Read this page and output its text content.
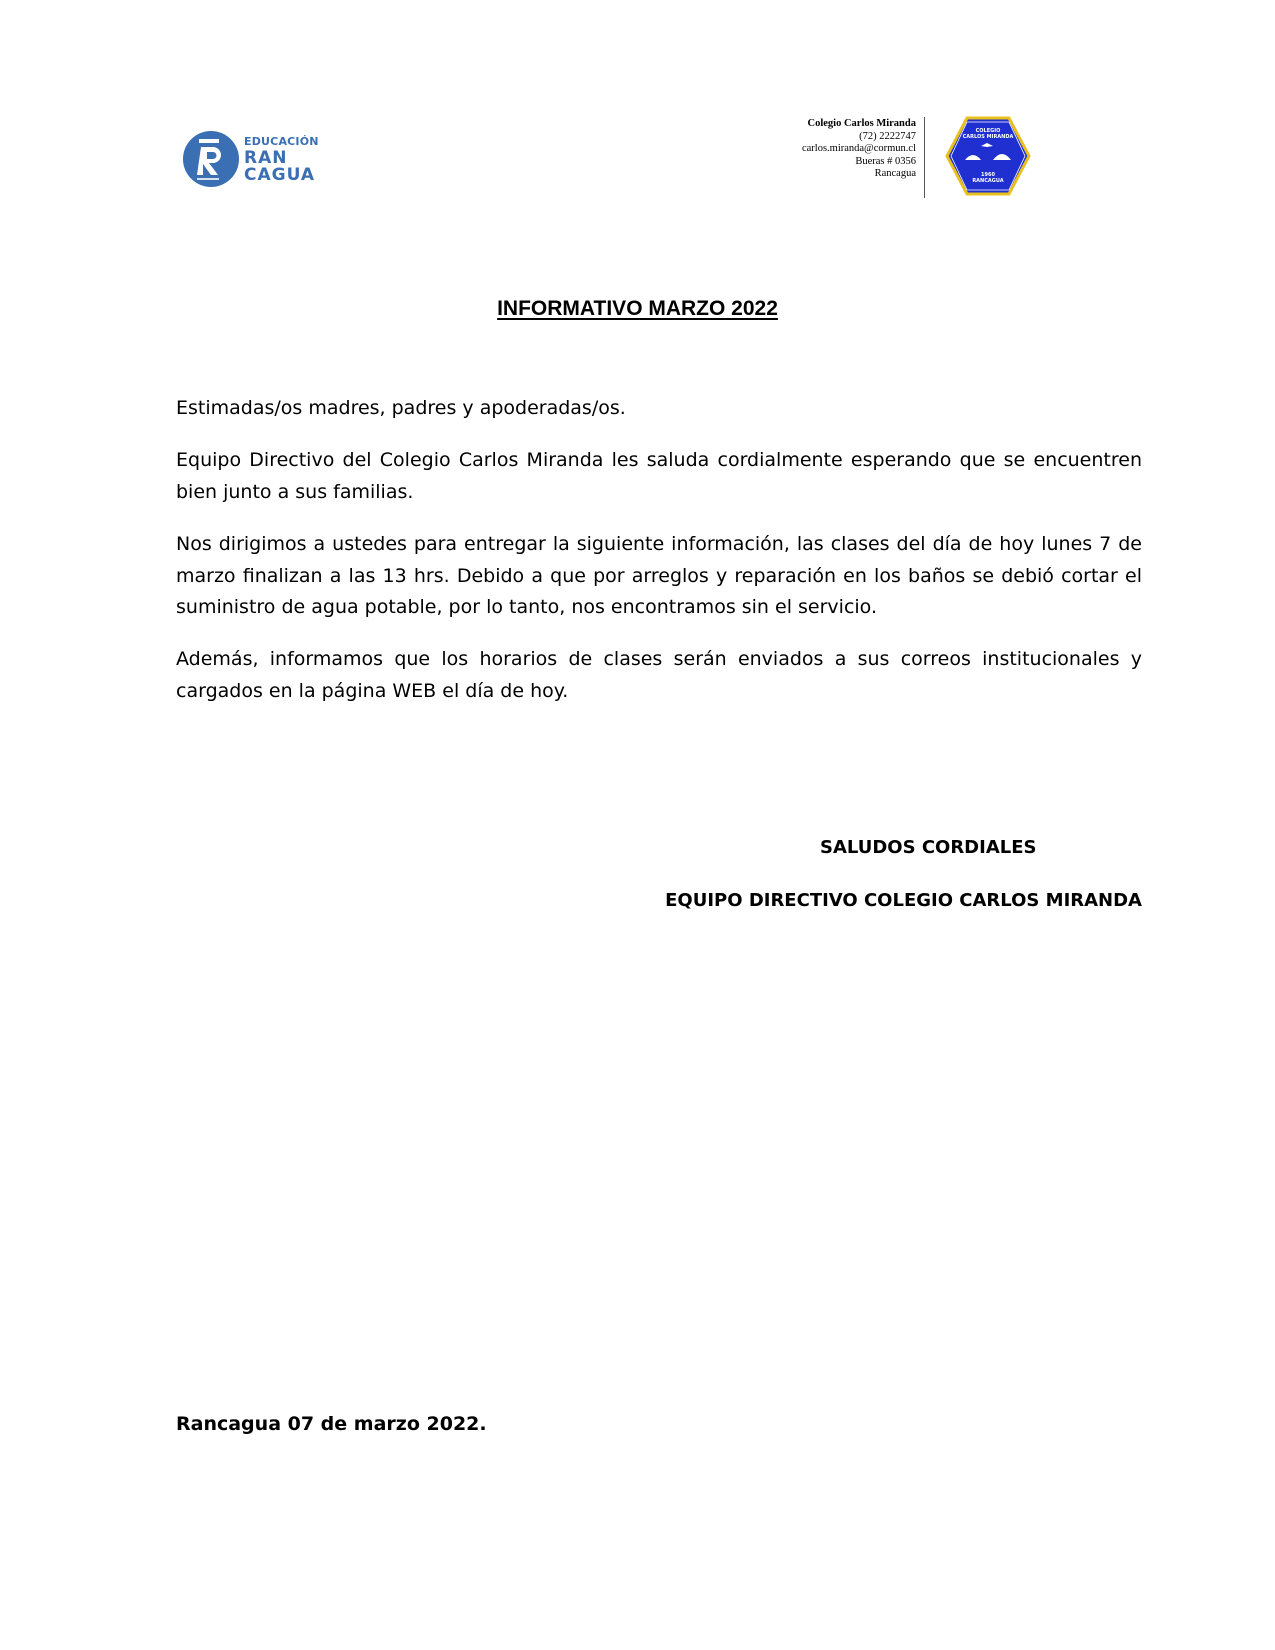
EDUCACIÓN
RAN
CAGUA
Colegio Carlos Miranda
(72) 2222747
carlos.miranda@cormun.cl
Bueras # 0356
Rancagua
COLEGIO
CARLOS MIRANDA
1960
RANCAGUA
INFORMATIVO MARZO 2022
Estimadas/os madres, padres y apoderadas/os.
Equipo Directivo del Colegio Carlos Miranda les saluda cordialmente esperando que se encuentren bien junto a sus familias.
Nos dirigimos a ustedes para entregar la siguiente información, las clases del día de hoy lunes 7 de marzo finalizan a las 13 hrs. Debido a que por arreglos y reparación en los baños se debió cortar el suministro de agua potable, por lo tanto, nos encontramos sin el servicio.
Además, informamos que los horarios de clases serán enviados a sus correos institucionales y cargados en la página WEB el día de hoy.
SALUDOS CORDIALES
EQUIPO DIRECTIVO COLEGIO CARLOS MIRANDA
Rancagua 07 de marzo 2022.
